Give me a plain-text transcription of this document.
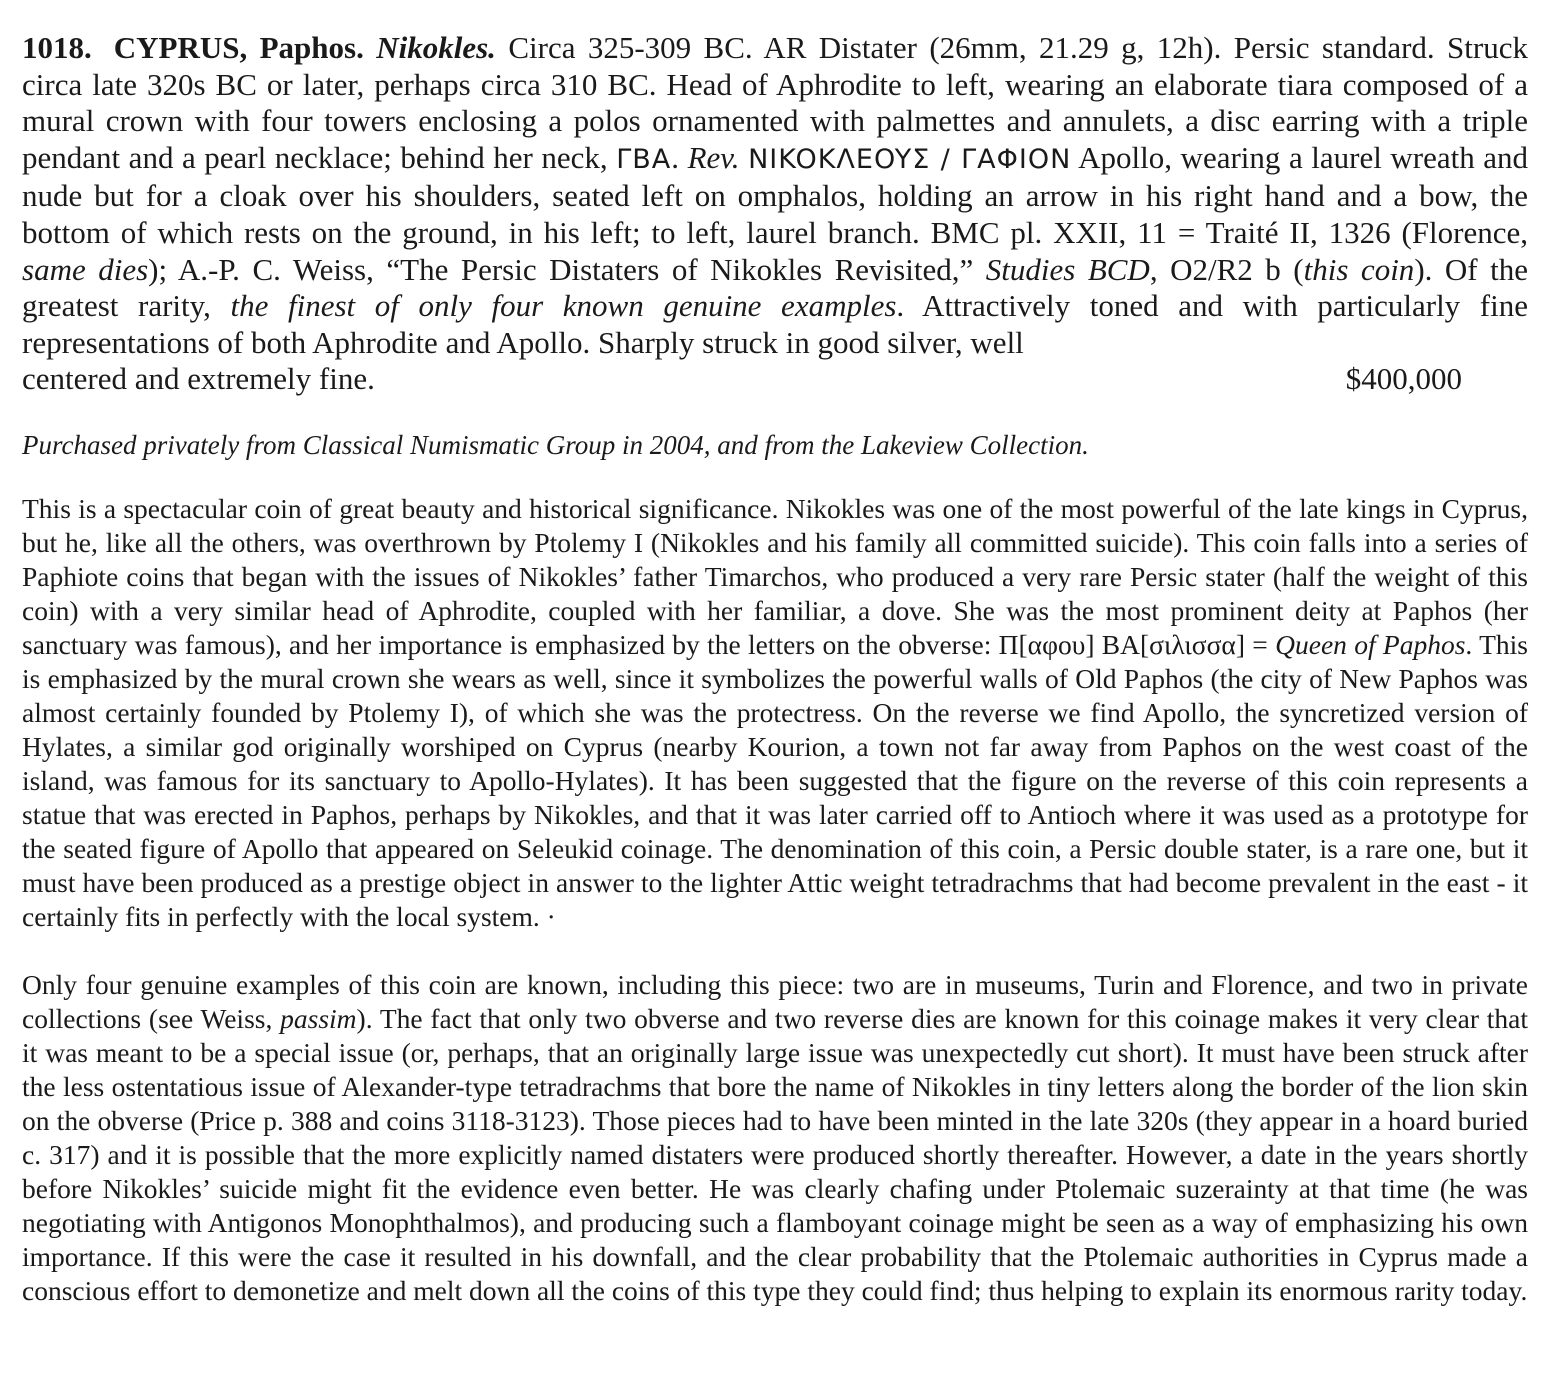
1018. CYPRUS, Paphos. Nikokles. Circa 325-309 BC. AR Distater (26mm, 21.29 g, 12h). Persic standard. Struck circa late 320s BC or later, perhaps circa 310 BC. Head of Aphrodite to left, wearing an elaborate tiara composed of a mural crown with four towers enclosing a polos ornamented with palmettes and annulets, a disc earring with a triple pendant and a pearl necklace; behind her neck, ΓBA. Rev. NIKOKΛEOYΣ / ΓAΦION Apollo, wearing a laurel wreath and nude but for a cloak over his shoulders, seated left on omphalos, holding an arrow in his right hand and a bow, the bottom of which rests on the ground, in his left; to left, laurel branch. BMC pl. XXII, 11 = Traité II, 1326 (Florence, same dies); A.-P. C. Weiss, “The Persic Distaters of Nikokles Revisited,” Studies BCD, O2/R2 b (this coin). Of the greatest rarity, the finest of only four known genuine examples. Attractively toned and with particularly fine representations of both Aphrodite and Apollo. Sharply struck in good silver, well

centered and extremely fine.	$400,000
Purchased privately from Classical Numismatic Group in 2004, and from the Lakeview Collection.

This is a spectacular coin of great beauty and historical significance. Nikokles was one of the most powerful of the late kings in Cyprus, but he, like all the others, was overthrown by Ptolemy I (Nikokles and his family all committed suicide). This coin falls into a series of Paphiote coins that began with the issues of Nikokles’ father Timarchos, who produced a very rare Persic stater (half the weight of this coin) with a very similar head of Aphrodite, coupled with her familiar, a dove. She was the most prominent deity at Paphos (her sanctuary was famous), and her importance is emphasized by the letters on the obverse: Π[αφου] BA[σιλισσα] = Queen of Paphos. This is emphasized by the mural crown she wears as well, since it symbolizes the powerful walls of Old Paphos (the city of New Paphos was almost certainly founded by Ptolemy I), of which she was the protectress. On the reverse we find Apollo, the syncretized version of Hylates, a similar god originally worshiped on Cyprus (nearby Kourion, a town not far away from Paphos on the west coast of the island, was famous for its sanctuary to Apollo-Hylates). It has been suggested that the figure on the reverse of this coin represents a statue that was erected in Paphos, perhaps by Nikokles, and that it was later carried off to Antioch where it was used as a prototype for the seated figure of Apollo that appeared on Seleukid coinage. The denomination of this coin, a Persic double stater, is a rare one, but it must have been produced as a prestige object in answer to the lighter Attic weight tetradrachms that had become prevalent in the east - it certainly fits in perfectly with the local system. ·

Only four genuine examples of this coin are known, including this piece: two are in museums, Turin and Florence, and two in private collections (see Weiss, passim). The fact that only two obverse and two reverse dies are known for this coinage makes it very clear that it was meant to be a special issue (or, perhaps, that an originally large issue was unexpectedly cut short). It must have been struck after the less ostentatious issue of Alexander-type tetradrachms that bore the name of Nikokles in tiny letters along the border of the lion skin on the obverse (Price p. 388 and coins 3118-3123). Those pieces had to have been minted in the late 320s (they appear in a hoard buried c. 317) and it is possible that the more explicitly named distaters were produced shortly thereafter. However, a date in the years shortly before Nikokles’ suicide might fit the evidence even better. He was clearly chafing under Ptolemaic suzerainty at that time (he was negotiating with Antigonos Monophthalmos), and producing such a flamboyant coinage might be seen as a way of emphasizing his own importance. If this were the case it resulted in his downfall, and the clear probability that the Ptolemaic authorities in Cyprus made a conscious effort to demonetize and melt down all the coins of this type they could find; thus helping to explain its enormous rarity today.
